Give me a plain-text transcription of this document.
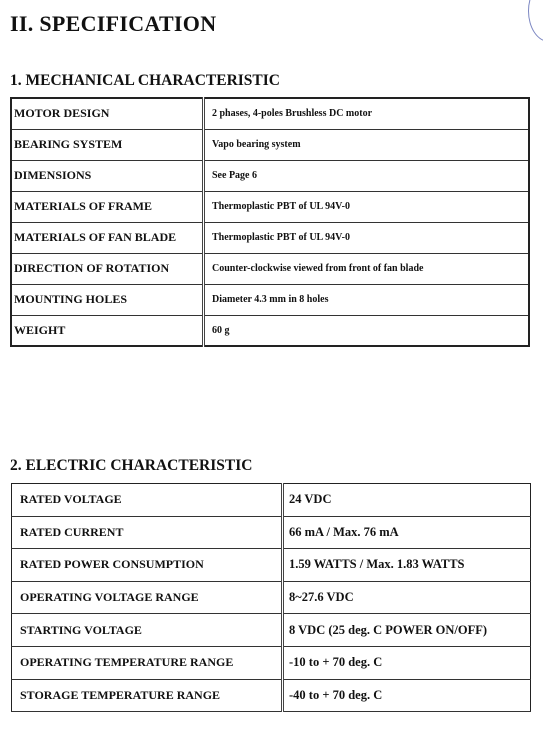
II. SPECIFICATION
1. MECHANICAL CHARACTERISTIC
MOTOR DESIGN	2 phases, 4-poles Brushless DC motor
BEARING SYSTEM	Vapo bearing system
DIMENSIONS	See Page 6
MATERIALS OF FRAME	Thermoplastic PBT of UL 94V-0
MATERIALS OF FAN BLADE	Thermoplastic PBT of UL 94V-0
DIRECTION OF ROTATION	Counter-clockwise viewed from front of fan blade
MOUNTING HOLES	Diameter 4.3 mm in 8 holes
WEIGHT	60 g
2. ELECTRIC CHARACTERISTIC
RATED VOLTAGE	24 VDC
RATED CURRENT	66 mA / Max. 76 mA
RATED POWER CONSUMPTION	1.59 WATTS / Max. 1.83 WATTS
OPERATING VOLTAGE RANGE	8~27.6 VDC
STARTING VOLTAGE	8 VDC (25 deg. C POWER ON/OFF)
OPERATING TEMPERATURE RANGE	-10 to + 70 deg. C
STORAGE TEMPERATURE RANGE	-40 to + 70 deg. C
